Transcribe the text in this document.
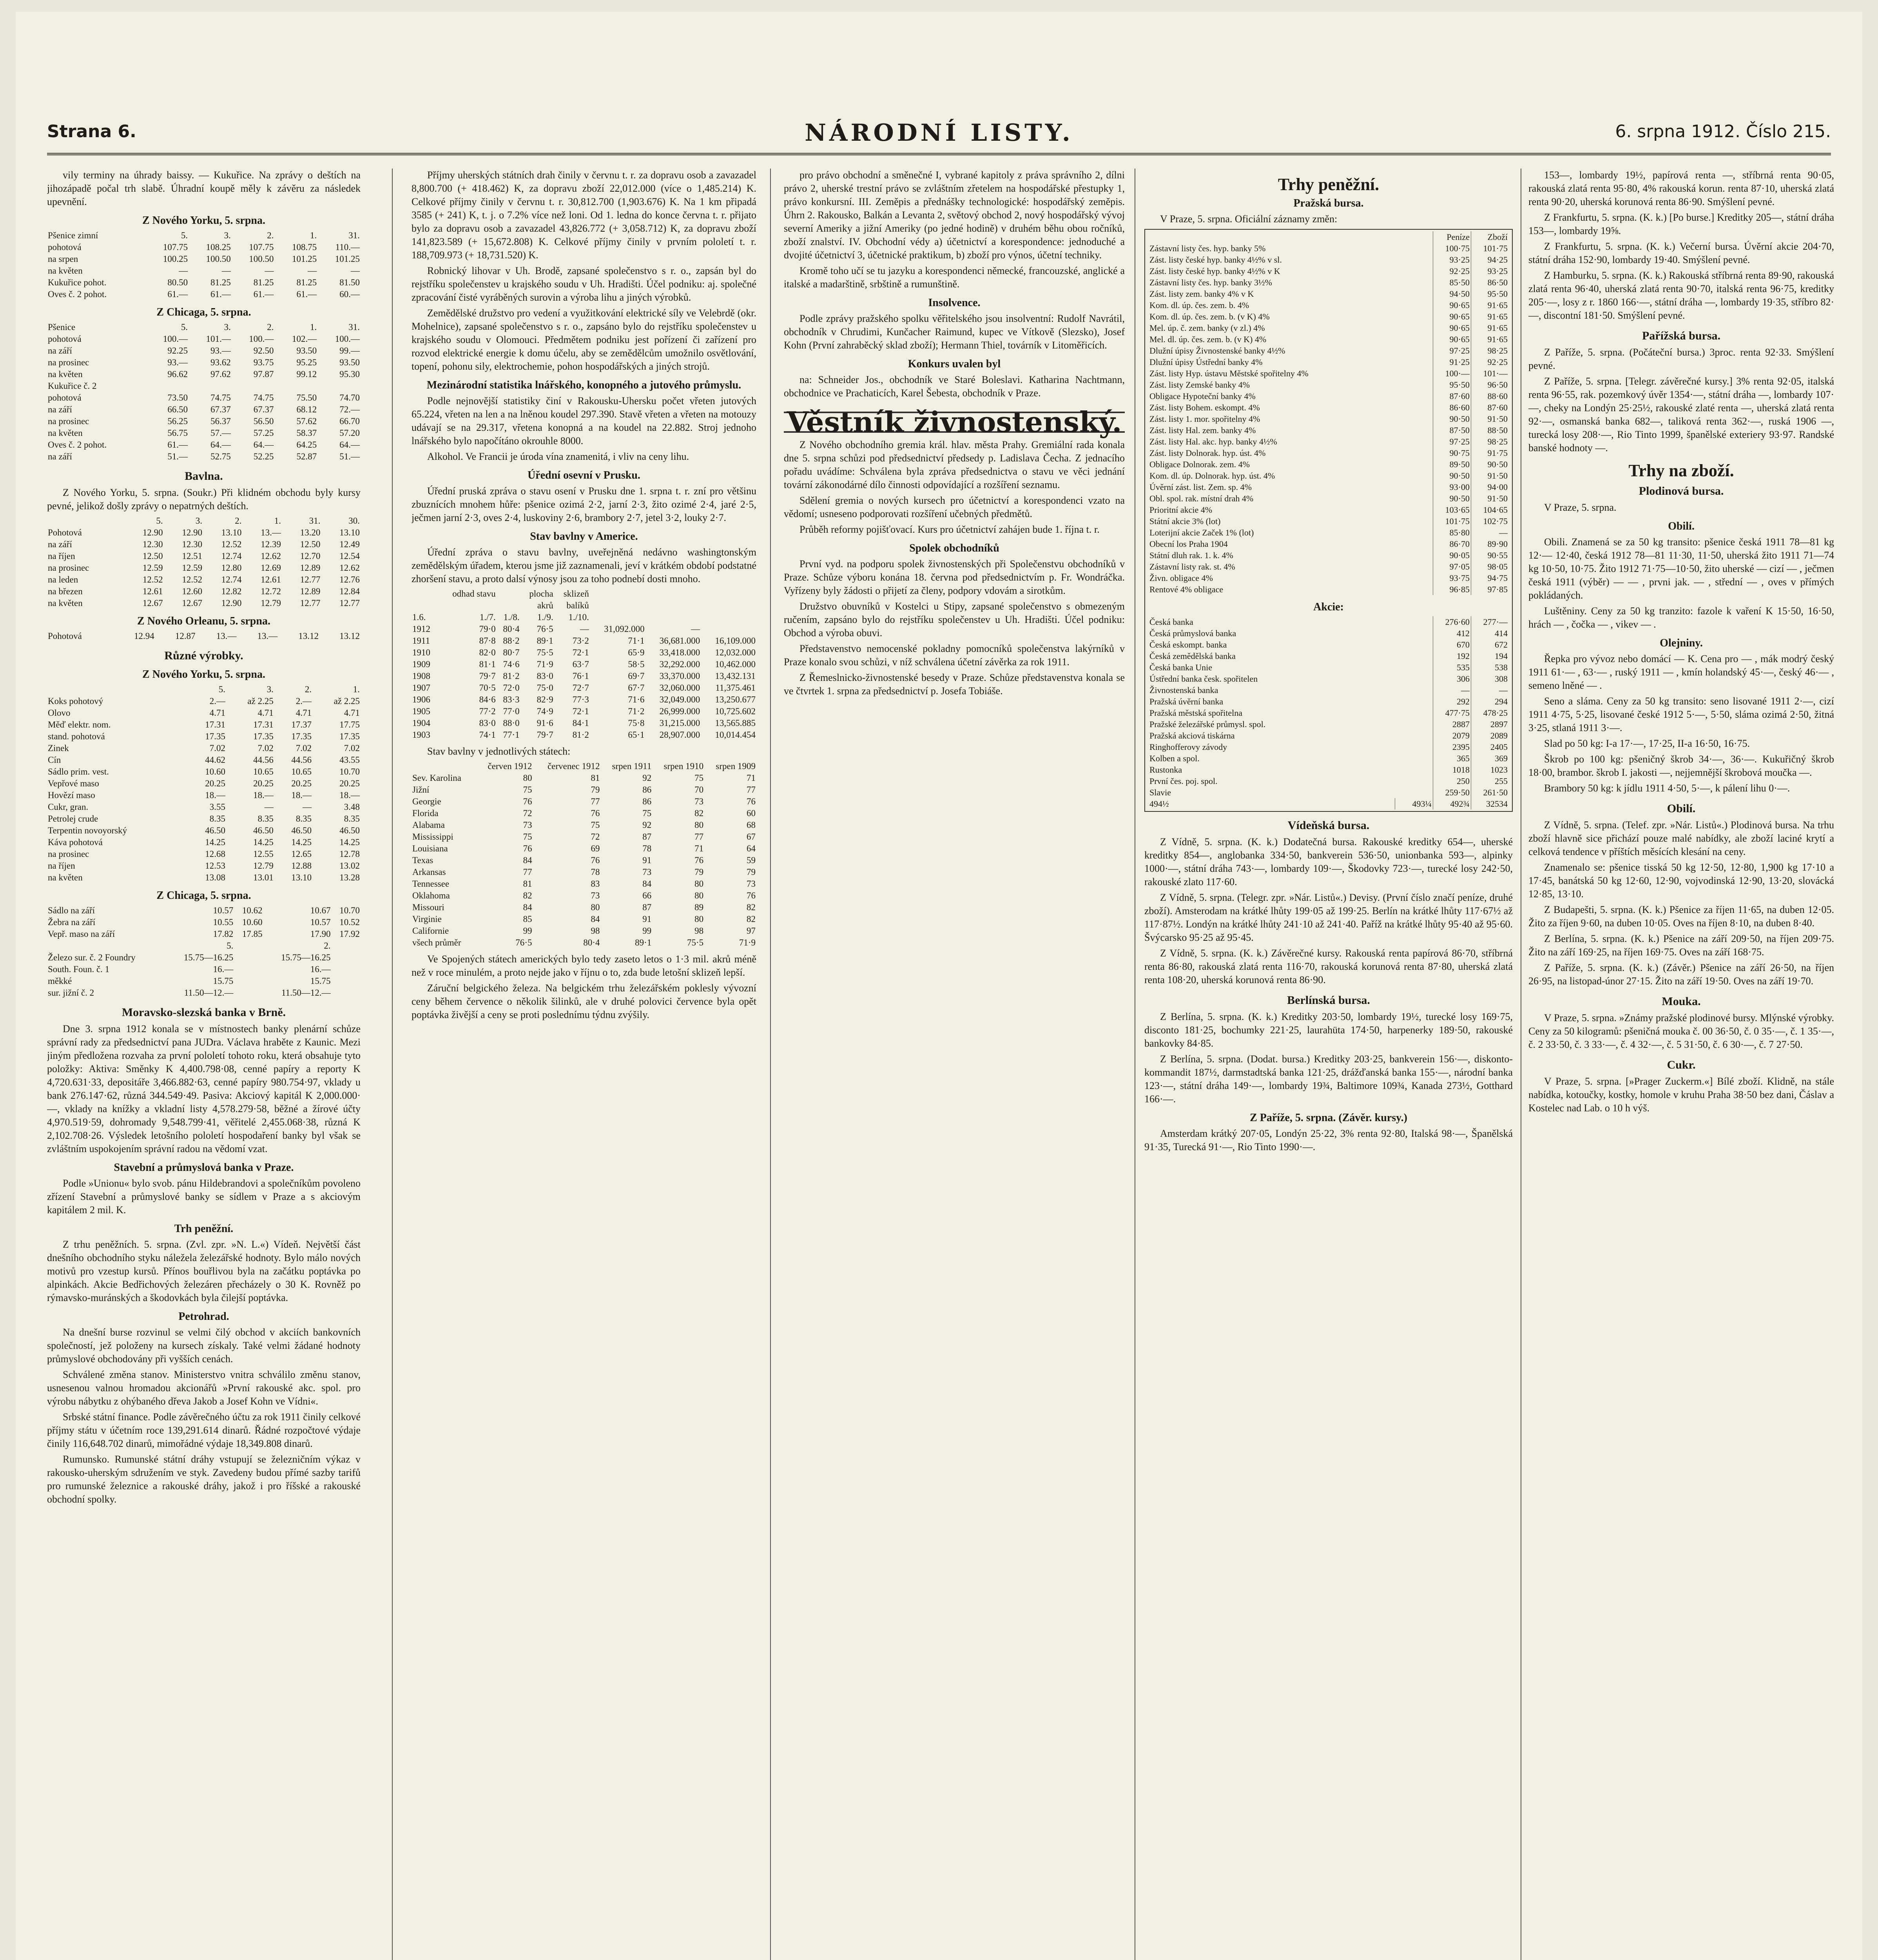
Strana 6.	NÁRODNÍ LISTY.	6. srpna 1912. Číslo 215.

vily terminy na úhrady baissy. — Kukuřice. Na zprávy o deštích na jihozápadě počal trh slabě. Úhradní koupě měly k závěru za následek upevnění.

Z Nového Yorku, 5. srpna.
Pšenice zimní	5.	3.	2.	1.	31.
pohotová	107.75	108.25	107.75	108.75	110.—
na srpen	100.25	100.50	100.50	101.25	101.25
na květen	—	—	—	—	—
Kukuřice pohot.	80.50	81.25	81.25	81.25	81.50
Oves č. 2 pohot.	61.—	61.—	61.—	61.—	60.—
Z Chicaga, 5. srpna.
Pšenice	5.	3.	2.	1.	31.
pohotová	100.—	101.—	100.—	102.—	100.—
na září	92.25	93.—	92.50	93.50	99.—
na prosinec	93.—	93.62	93.75	95.25	93.50
na květen	96.62	97.62	97.87	99.12	95.30
Kukuřice č. 2					
pohotová	73.50	74.75	74.75	75.50	74.70
na září	66.50	67.37	67.37	68.12	72.—
na prosinec	56.25	56.37	56.50	57.62	66.70
na květen	56.75	57.—	57.25	58.37	57.20
Oves č. 2 pohot.	61.—	64.—	64.—	64.25	64.—
na září	51.—	52.75	52.25	52.87	51.—
Bavlna.

Z Nového Yorku, 5. srpna. (Soukr.) Při klidném obchodu byly kursy pevné, jelikož došly zprávy o nepatrných deštích.

	5.	3.	2.	1.	31.	30.
Pohotová	12.90	12.90	13.10	13.—	13.20	13.10
na září	12.30	12.30	12.52	12.39	12.50	12.49
na říjen	12.50	12.51	12.74	12.62	12.70	12.54
na prosinec	12.59	12.59	12.80	12.69	12.89	12.62
na leden	12.52	12.52	12.74	12.61	12.77	12.76
na březen	12.61	12.60	12.82	12.72	12.89	12.84
na květen	12.67	12.67	12.90	12.79	12.77	12.77
Z Nového Orleanu, 5. srpna.
Pohotová	12.94	12.87	13.—	13.—	13.12	13.12
Různé výrobky.
Z Nového Yorku, 5. srpna.
	5.	3.	2.	1.
Koks pohotový	2.—	až 2.25	2.—	až 2.25
Olovo	4.71	4.71	4.71	4.71
Měď elektr. nom.	17.31	17.31	17.37	17.75
stand. pohotová	17.35	17.35	17.35	17.35
Zinek	7.02	7.02	7.02	7.02
Cín	44.62	44.56	44.56	43.55
Sádlo prim. vest.	10.60	10.65	10.65	10.70
Vepřové maso	20.25	20.25	20.25	20.25
Hovězí maso	18.—	18.—	18.—	18.—
Cukr, gran.	3.55	—	—	3.48
Petrolej crude	8.35	8.35	8.35	8.35
Terpentin novoyorský	46.50	46.50	46.50	46.50
Káva pohotová	14.25	14.25	14.25	14.25
na prosinec	12.68	12.55	12.65	12.78
na říjen	12.53	12.79	12.88	13.02
na květen	13.08	13.01	13.10	13.28
Z Chicaga, 5. srpna.
Sádlo na září	10.57	10.62	10.67	10.70
Žebra na září	10.55	10.60	10.57	10.52
Vepř. maso na září	17.82	17.85	17.90	17.92
	5.		2.	
Železo sur. č. 2 Foundry	15.75—16.25		15.75—16.25	
South. Foun. č. 1	16.—		16.—	
měkké	15.75		15.75	
sur. jižní č. 2	11.50—12.—		11.50—12.—	
Moravsko-slezská banka v Brně.

Dne 3. srpna 1912 konala se v místnostech banky plenární schůze správní rady za předsednictví pana JUDra. Václava hraběte z Kaunic. Mezi jiným předložena rozvaha za první pololetí tohoto roku, která obsahuje tyto položky: Aktiva: Směnky K 4,400.798·08, cenné papíry a reporty K 4,720.631·33, depositáře 3,466.882·63, cenné papíry 980.754·97, vklady u bank 276.147·62, různá 344.549·49. Pasiva: Akciový kapitál K 2,000.000·—, vklady na knížky a vkladní listy 4,578.279·58, běžné a žírové účty 4,970.519·59, dohromady 9,548.799·41, věřitelé 2,455.068·38, různá K 2,102.708·26. Výsledek letošního pololetí hospodaření banky byl však se zvláštním uspokojením správní radou na vědomí vzat.

Stavební a průmyslová banka v Praze.

Podle »Unionu« bylo svob. pánu Hildebrandovi a společníkům povoleno zřízení Stavební a průmyslové banky se sídlem v Praze a s akciovým kapitálem 2 mil. K.

Trh peněžní.

Z trhu peněžních. 5. srpna. (Zvl. zpr. »N. L.«) Vídeň. Největší část dnešního obchodního styku náležela železářské hodnoty. Bylo málo nových motivů pro vzestup kursů. Přínos bouřlivou byla na začátku poptávka po alpinkách. Akcie Bedřichových železáren přecházely o 30 K. Rovněž po rýmavsko-muránských a škodovkách byla čilejší poptávka.

Petrohrad.

Na dnešní burse rozvinul se velmi čilý obchod v akciích bankovních společností, jež položeny na kursech získaly. Také velmi žádané hodnoty průmyslové obchodovány při vyšších cenách.

Schválené změna stanov. Ministerstvo vnitra schválilo změnu stanov, usnesenou valnou hromadou akcionářů »První rakouské akc. spol. pro výrobu nábytku z ohýbaného dřeva Jakob a Josef Kohn ve Vídni«.

Srbské státní finance. Podle závěrečného účtu za rok 1911 činily celkové příjmy státu v účetním roce 139,291.614 dinarů. Řádné rozpočtové výdaje činily 116,648.702 dinarů, mimořádné výdaje 18,349.808 dinarů.

Rumunsko. Rumunské státní dráhy vstupují se železničním výkaz v rakousko-uherským sdružením ve styk. Zavedeny budou přímé sazby tarifů pro rumunské železnice a rakouské dráhy, jakož i pro říšské a rakouské obchodní spolky.

Příjmy uherských státních drah činily v červnu t. r. za dopravu osob a zavazadel 8,800.700 (+ 418.462) K, za dopravu zboží 22,012.000 (více o 1,485.214) K. Celkové příjmy činily v červnu t. r. 30,812.700 (1,903.676) K. Na 1 km připadá 3585 (+ 241) K, t. j. o 7.2% více než loni. Od 1. ledna do konce června t. r. přijato bylo za dopravu osob a zavazadel 43,826.772 (+ 3,058.712) K, za dopravu zboží 141,823.589 (+ 15,672.808) K. Celkové příjmy činily v prvním pololetí t. r. 188,709.973 (+ 18,731.520) K.

Robnický lihovar v Uh. Brodě, zapsané společenstvo s r. o., zapsán byl do rejstříku společenstev u krajského soudu v Uh. Hradišti. Účel podniku: aj. společné zpracování čisté vyráběných surovin a výroba lihu a jiných výrobků.

Zemědělské družstvo pro vedení a využitkování elektrické síly ve Velebrdě (okr. Mohelnice), zapsané společenstvo s r. o., zapsáno bylo do rejstříku společenstev u krajského soudu v Olomouci. Předmětem podniku jest pořízení či zařízení pro rozvod elektrické energie k domu účelu, aby se zemědělcům umožnilo osvětlování, topení, pohonu sily, elektrochemie, pohon hospodářských a jiných strojů.

Mezinárodní statistika lnářského, konopného a jutového průmyslu.

Podle nejnovější statistiky činí v Rakousku-Uhersku počet vřeten jutových 65.224, vřeten na len a na lněnou koudel 297.390. Stavě vřeten a vřeten na motouzy udávají se na 29.317, vřetena konopná a na koudel na 22.882. Stroj jednoho lnářského bylo napočítáno okrouhle 8000.

Alkohol. Ve Francii je úroda vína znamenitá, i vliv na ceny lihu.

Úřední osevní v Prusku.

Úřední pruská zpráva o stavu osení v Prusku dne 1. srpna t. r. zní pro většinu zbuznících mnohem hůře: pšenice ozimá 2·2, jarní 2·3, žito ozimé 2·4, jaré 2·5, ječmen jarní 2·3, oves 2·4, luskoviny 2·6, brambory 2·7, jetel 3·2, louky 2·7.

Stav bavlny v Americe.

Úřední zpráva o stavu bavlny, uveřejněná nedávno washingtonským zemědělským úřadem, kterou jsme již zaznamenali, jeví v krátkém období podstatné zhoršení stavu, a proto dalsí výnosy jsou za toho podnebí dosti mnoho.

	odhad stavu		plocha	sklizeň			
			akrů	balíků			
1.6.	1./7.	1./8.	1./9.	1./10.			
1912	79·0	80·4	76·5	—	31,092.000	—	
1911	87·8	88·2	89·1	73·2	71·1	36,681.000	16,109.000
1910	82·0	80·7	75·5	72·1	65·9	33,418.000	12,032.000
1909	81·1	74·6	71·9	63·7	58·5	32,292.000	10,462.000
1908	79·7	81·2	83·0	76·1	69·7	33,370.000	13,432.131
1907	70·5	72·0	75·0	72·7	67·7	32,060.000	11,375.461
1906	84·6	83·3	82·9	77·3	71·6	32,049.000	13,250.677
1905	77·2	77·0	74·9	72·1	71·2	26,999.000	10,725.602
1904	83·0	88·0	91·6	84·1	75·8	31,215.000	13,565.885
1903	74·1	77·1	79·7	81·2	65·1	28,907.000	10,014.454

Stav bavlny v jednotlivých státech:

	červen 1912	červenec 1912	srpen 1911	srpen 1910	srpen 1909
Sev. Karolina	80	81	92	75	71
Jižní	75	79	86	70	77
Georgie	76	77	86	73	76
Florida	72	76	75	82	60
Alabama	73	75	92	80	68
Mississippi	75	72	87	77	67
Louisiana	76	69	78	71	64
Texas	84	76	91	76	59
Arkansas	77	78	73	79	79
Tennessee	81	83	84	80	73
Oklahoma	82	73	66	80	76
Missouri	84	80	87	89	82
Virginie	85	84	91	80	82
Californie	99	98	99	98	97
všech průměr	76·5	80·4	89·1	75·5	71·9

Ve Spojených státech amerických bylo tedy zaseto letos o 1·3 mil. akrů méně než v roce minulém, a proto nejde jako v říjnu o to, zda bude letošní sklizeň lepší.

Záruční belgického železa. Na belgickém trhu železářském poklesly vývozní ceny během července o několik šilinků, ale v druhé polovici července byla opět poptávka živější a ceny se proti poslednímu týdnu zvýšily.

pro právo obchodní a směnečné I, vybrané kapitoly z práva správního 2, dílni právo 2, uherské trestní právo se zvláštním zřetelem na hospodářské přestupky 1, právo konkursní. III. Zeměpis a přednášky technologické: hospodářský zeměpis. Úhrn 2. Rakousko, Balkán a Levanta 2, světový obchod 2, nový hospodářský vývoj severní Ameriky a jižní Ameriky (po jedné hodině) v druhém běhu obou ročníků, zboží znalství. IV. Obchodní védy a) účetnictví a korespondence: jednoduché a dvojité účetnictví 3, účetnické praktikum, b) zboží pro výnos, účetní techniky.

Kromě toho učí se tu jazyku a korespondenci německé, francouzské, anglické a italské a madarštině, srbštině a rumunštině.

Insolvence.

Podle zprávy pražského spolku věřitelského jsou insolventní: Rudolf Navrátil, obchodník v Chrudimi, Kunčacher Raimund, kupec ve Vítkově (Slezsko), Josef Kohn (První zahraběcký sklad zboží); Hermann Thiel, továrník v Litoměřicích.

Konkurs uvalen byl

na: Schneider Jos., obchodník ve Staré Boleslavi. Katharina Nachtmann, obchodnice ve Prachaticích, Karel Šebesta, obchodník v Praze.

Věstník živnostenský.

Z Nového obchodního gremia král. hlav. města Prahy. Gremiální rada konala dne 5. srpna schůzi pod předsednictví předsedy p. Ladislava Čecha. Z jednacího pořadu uvádíme: Schválena byla zpráva předsednictva o stavu ve věci jednání tovární zákonodárné dílo činnosti odpovídající a rozšíření seznamu.

Sdělení gremia o nových kursech pro účetnictví a korespondenci vzato na vědomí; usneseno podporovati rozšíření učebných předmětů.

Průběh reformy pojišťovací. Kurs pro účetnictví zahájen bude 1. října t. r.

Spolek obchodníků

První vyd. na podporu spolek živnostenských při Společenstvu obchodníků v Praze. Schůze výboru konána 18. června pod předsednictvím p. Fr. Wondráčka. Vyřízeny byly žádosti o přijetí za členy, podpory vdovám a sirotkům.

Družstvo obuvníků v Kostelci u Stipy, zapsané společenstvo s obmezeným ručením, zapsáno bylo do rejstříku společenstev u Uh. Hradišti. Účel podniku: Obchod a výroba obuvi.

Představenstvo nemocenské pokladny pomocníků společenstva lakýrníků v Praze konalo svou schůzi, v níž schválena účetní závěrka za rok 1911.

Z Řemeslnicko-živnostenské besedy v Praze. Schůze představenstva konala se ve čtvrtek 1. srpna za předsednictví p. Josefa Tobiáše.

Trhy peněžní.
Pražská bursa.

V Praze, 5. srpna. Oficiální záznamy změn:

	Peníze	Zboží
Zástavní listy čes. hyp. banky 5%	100·75	101·75
Zást. listy české hyp. banky 4½% v sl.	93·25	94·25
Zást. listy české hyp. banky 4½% v K	92·25	93·25
Zástavní listy čes. hyp. banky 3½%	85·50	86·50
Zást. listy zem. banky 4% v K	94·50	95·50
Kom. dl. úp. čes. zem. b. 4%	90·65	91·65
Kom. dl. úp. čes. zem. b. (v K) 4%	90·65	91·65
Mel. úp. č. zem. banky (v zl.) 4%	90·65	91·65
Mel. dl. úp. čes. zem. b. (v K) 4%	90·65	91·65
Dlužní úpisy Živnostenské banky 4½%	97·25	98·25
Dlužní úpisy Ústřední banky 4%	91·25	92·25
Zást. listy Hyp. ústavu Městské spořitelny 4%	100·—	101·—
Zást. listy Zemské banky 4%	95·50	96·50
Obligace Hypoteční banky 4%	87·60	88·60
Zást. listy Bohem. eskompt. 4%	86·60	87·60
Zást. listy 1. mor. spořitelny 4%	90·50	91·50
Zást. listy Hal. zem. banky 4%	87·50	88·50
Zást. listy Hal. akc. hyp. banky 4½%	97·25	98·25
Zást. listy Dolnorak. hyp. úst. 4%	90·75	91·75
Obligace Dolnorak. zem. 4%	89·50	90·50
Kom. dl. úp. Dolnorak. hyp. úst. 4%	90·50	91·50
Úvěrní zást. list. Zem. sp. 4%	93·00	94·00
Obl. spol. rak. místní drah 4%	90·50	91·50
Prioritní akcie 4%	103·65	104·65
Státní akcie 3% (lot)	101·75	102·75
Loterijní akcie Začek 1% (lot)	85·80	—
Obecní los Praha 1904	86·70	89·90
Státní dluh rak. 1. k. 4%	90·05	90·55
Zástavní listy rak. st. 4%	97·05	98·05
Živn. obligace 4%	93·75	94·75
Rentové 4% obligace	96·85	97·85
Akcie:
Česká banka	276·60	277·—
Česká průmyslová banka	412	414
Česká eskompt. banka	670	672
Česká zemědělská banka	192	194
Česká banka Unie	535	538
Ústřední banka česk. spořitelen	306	308
Živnostenská banka	—	—
Pražská úvěrní banka	292	294
Pražská městská spořitelna	477·75	478·25
Pražské železářské průmysl. spol.	2887	2897
Pražská akciová tiskárna	2079	2089
Ringhofferovy závody	2395	2405
Kolben a spol.	365	369
Rustonka	1018	1023
První čes. poj. spol.	250	255
Slavie	259·50	261·50
494½	493¼	492¾	32534
Vídeňská bursa.

Z Vídně, 5. srpna. (K. k.) Dodatečná bursa. Rakouské kreditky 654—, uherské kreditky 854—, anglobanka 334·50, bankverein 536·50, unionbanka 593—, alpinky 1000·—, státní dráha 743·—, lombardy 109·—, Škodovky 723·—, turecké losy 242·50, rakouské zlato 117·60.

Z Vídně, 5. srpna. (Telegr. zpr. »Nár. Listů«.) Devisy. (První číslo značí peníze, druhé zboží). Amsterodam na krátké lhůty 199·05 až 199·25. Berlín na krátké lhůty 117·67½ až 117·87½. Londýn na krátké lhůty 241·10 až 241·40. Paříž na krátké lhůty 95·40 až 95·60. Švýcarsko 95·25 až 95·45.

Z Vídně, 5. srpna. (K. k.) Závěrečné kursy. Rakouská renta papírová 86·70, stříbrná renta 86·80, rakouská zlatá renta 116·70, rakouská korunová renta 87·80, uherská zlatá renta 108·20, uherská korunová renta 86·90.

Berlínská bursa.

Z Berlína, 5. srpna. (K. k.) Kreditky 203·50, lombardy 19½, turecké losy 169·75, disconto 181·25, bochumky 221·25, laurahüta 174·50, harpenerky 189·50, rakouské bankovky 84·85.

Z Berlína, 5. srpna. (Dodat. bursa.) Kreditky 203·25, bankverein 156·—, diskonto-kommandit 187½, darmstadtská banka 121·25, drážďanská banka 155·—, národní banka 123·—, státní dráha 149·—, lombardy 19¾, Baltimore 109¾, Kanada 273½, Gotthard 166·—.

Z Paříže, 5. srpna. (Závěr. kursy.)

Amsterdam krátký 207·05, Londýn 25·22, 3% renta 92·80, Italská 98·—, Španělská 91·35, Turecká 91·—, Rio Tinto 1990·—.

153—, lombardy 19½, papírová renta —, stříbrná renta 90·05, rakouská zlatá renta 95·80, 4% rakouská korun. renta 87·10, uherská zlatá renta 90·20, uherská korunová renta 86·90. Smýšlení pevné.

Z Frankfurtu, 5. srpna. (K. k.) [Po burse.] Kreditky 205—, státní dráha 153—, lombardy 19⅝.

Z Frankfurtu, 5. srpna. (K. k.) Večerní bursa. Úvěrní akcie 204·70, státní dráha 152·90, lombardy 19·40. Smýšlení pevné.

Z Hamburku, 5. srpna. (K. k.) Rakouská stříbrná renta 89·90, rakouská zlatá renta 96·40, uherská zlatá renta 90·70, italská renta 96·75, kreditky 205·—, losy z r. 1860 166·—, státní dráha —, lombardy 19·35, stříbro 82·—, discontní 181·50. Smýšlení pevné.

Pařížská bursa.

Z Paříže, 5. srpna. (Počáteční bursa.) 3proc. renta 92·33. Smýšlení pevné.

Z Paříže, 5. srpna. [Telegr. závěrečné kursy.] 3% renta 92·05, italská renta 96·55, rak. pozemkový úvěr 1354·—, státní dráha —, lombardy 107·—, cheky na Londýn 25·25½, rakouské zlaté renta —, uherská zlatá renta 92·—, osmanská banka 682—, taliková renta 362·—, ruská 1906 —, turecká losy 208·—, Rio Tinto 1999, španělské exteriery 93·97. Randské banské hodnoty —.

Trhy na zboží.
Plodinová bursa.

V Praze, 5. srpna.

Obilí.

Obili. Znamená se za 50 kg transito: pšenice česká 1911 78—81 kg 12·— 12·40, česká 1912 78—81 11·30, 11·50, uherská žito 1911 71—74 kg 10·50, 10·75. Žito 1912 71·75—10·50, žito uherské — cizí — , ječmen česká 1911 (výběr) — — , prvni jak. — , střední — , oves v přímých pokládaných.

Luštěniny. Ceny za 50 kg tranzito: fazole k vaření K 15·50, 16·50, hrách — , čočka — , vikev — .

Olejniny.

Řepka pro vývoz nebo domácí — K. Cena pro — , mák modrý český 1911 61·— , 63·— , ruský 1911 — , kmín holandský 45·—, český 46·— , semeno lněné — .

Seno a sláma. Ceny za 50 kg transito: seno lisované 1911 2·—, cizí 1911 4·75, 5·25, lisované české 1912 5·—, 5·50, sláma ozimá 2·50, žitná 3·25, stlaná 1911 3·—.

Slad po 50 kg: I-a 17·—, 17·25, II-a 16·50, 16·75.

Škrob po 100 kg: pšeničný škrob 34·—, 36·—. Kukuřičný škrob 18·00, brambor. škrob I. jakosti —, nejjemnější škrobová moučka —.

Brambory 50 kg: k jídlu 1911 4·50, 5·—, k pálení lihu 0·—.

Obilí.

Z Vídně, 5. srpna. (Telef. zpr. »Nár. Listů«.) Plodinová bursa. Na trhu zboží hlavně sice přichází pouze malé nabídky, ale zboží laciné krytí a celková tendence v příštích měsících klesání na ceny.

Znamenalo se: pšenice tisská 50 kg 12·50, 12·80, 1,900 kg 17·10 a 17·45, banátská 50 kg 12·60, 12·90, vojvodinská 12·90, 13·20, slovácká 12·85, 13·10.

Z Budapešti, 5. srpna. (K. k.) Pšenice za říjen 11·65, na duben 12·05. Žito za říjen 9·60, na duben 10·05. Oves na říjen 8·10, na duben 8·40.

Z Berlína, 5. srpna. (K. k.) Pšenice na září 209·50, na říjen 209·75. Žito na září 169·25, na říjen 169·75. Oves na září 168·75.

Z Paříže, 5. srpna. (K. k.) (Závěr.) Pšenice na září 26·50, na říjen 26·95, na listopad-únor 27·15. Žito na září 19·50. Oves na září 19·70.

Mouka.

V Praze, 5. srpna. »Známy pražské plodinové bursy. Mlýnské výrobky. Ceny za 50 kilogramů: pšeničná mouka č. 00 36·50, č. 0 35·—, č. 1 35·—, č. 2 33·50, č. 3 33·—, č. 4 32·—, č. 5 31·50, č. 6 30·—, č. 7 27·50.

Cukr.

V Praze, 5. srpna. [»Prager Zuckerm.«] Bílé zboží. Klidně, na stále nabídka, kotoučky, kostky, homole v kruhu Praha 38·50 bez dani, Čáslav a Kostelec nad Lab. o 10 h výš.
